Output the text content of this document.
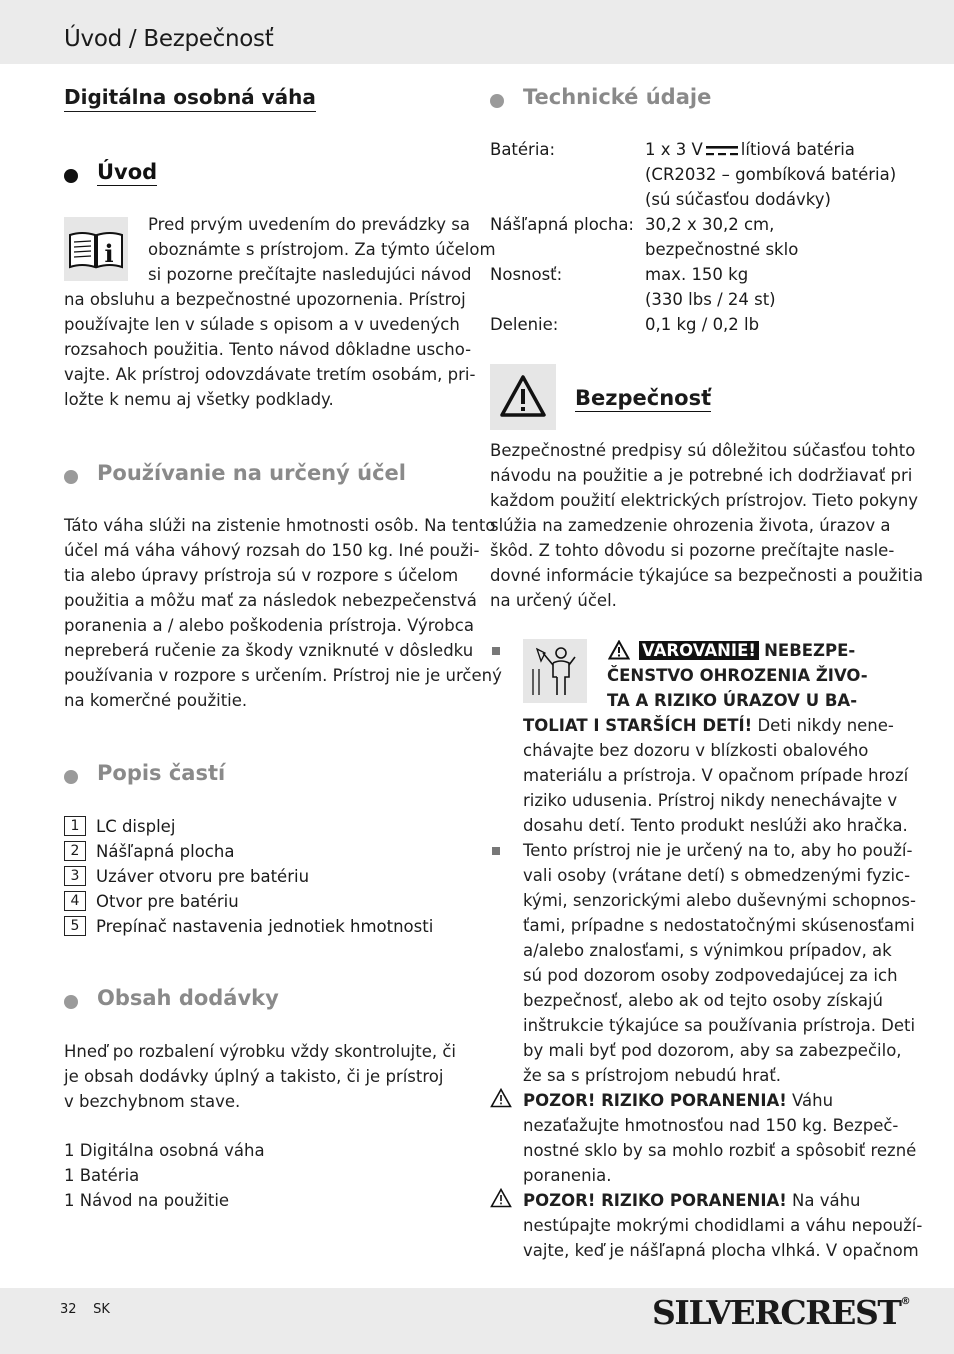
Úvod / Bezpečnosť
Digitálna osobná váha
Úvod
i

Pred prvým uvedením do prevádzky sa

oboznámte s prístrojom. Za týmto účelom

si pozorne prečítajte nasledujúci návod

na obsluhu a bezpečnostné upozornenia. Prístroj

používajte len v súlade s opisom a v uvedených

rozsahoch použitia. Tento návod dôkladne uscho-

vajte. Ak prístroj odovzdávate tretím osobám, pri-

ložte k nemu aj všetky podklady.

Používanie na určený účel

Táto váha slúži na zistenie hmotnosti osôb. Na tento

účel má váha váhový rozsah do 150 kg. Iné použi-

tia alebo úpravy prístroja sú v rozpore s účelom

použitia a môžu mať za následok nebezpečenstvá

poranenia a / alebo poškodenia prístroja. Výrobca

nepreberá ručenie za škody vzniknuté v dôsledku

používania v rozpore s určením. Prístroj nie je určený

na komerčné použitie.

Popis častí
1	LC displej
2	Nášľapná plocha
3	Uzáver otvoru pre batériu
4	Otvor pre batériu
5	Prepínač nastavenia jednotiek hmotnosti
Obsah dodávky

Hneď po rozbalení výrobku vždy skontrolujte, či

je obsah dodávky úplný a takisto, či je prístroj

v bezchybnom stave.

1 Digitálna osobná váha

1 Batéria

1 Návod na použitie

Technické údaje
Batéria:	1 x 3 V lítiová batéria
(CR2032 – gombíková batéria)
(sú súčasťou dodávky)
Nášľapná plocha: 30,2 x 30,2 cm,
bezpečnostné sklo
Nosnosť:	max. 150 kg
(330 lbs / 24 st)
Delenie:	0,1 kg / 0,2 lb
Bezpečnosť

Bezpečnostné predpisy sú dôležitou súčasťou tohto

návodu na použitie a je potrebné ich dodržiavať pri

každom použití elektrických prístrojov. Tieto pokyny

slúžia na zamedzenie ohrozenia života, úrazov a

škôd. Z tohto dôvodu si pozorne prečítajte nasle-

dovné informácie týkajúce sa bezpečnosti a použitia

na určený účel.

VAROVANIE! NEBEZPE-

ČENSTVO OHROZENIA ŽIVO-

TA A RIZIKO ÚRAZOV U BA-

TOLIAT I STARŠÍCH DETÍ! Deti nikdy nene-

chávajte bez dozoru v blízkosti obalového

materiálu a prístroja. V opačnom prípade hrozí

riziko udusenia. Prístroj nikdy nenechávajte v

dosahu detí. Tento produkt neslúži ako hračka.

Tento prístroj nie je určený na to, aby ho použí-

vali osoby (vrátane detí) s obmedzenými fyzic-

kými, senzorickými alebo duševnými schopnos-

ťami, prípadne s nedostatočnými skúsenosťami

a/alebo znalosťami, s výnimkou prípadov, ak

sú pod dozorom osoby zodpovedajúcej za ich

bezpečnosť, alebo ak od tejto osoby získajú

inštrukcie týkajúce sa používania prístroja. Deti

by mali byť pod dozorom, aby sa zabezpečilo,

že sa s prístrojom nebudú hrať.

POZOR! RIZIKO PORANENIA! Váhu

nezaťažujte hmotnosťou nad 150 kg. Bezpeč-

nostné sklo by sa mohlo rozbiť a spôsobiť rezné

poranenia.

POZOR! RIZIKO PORANENIA! Na váhu

nestúpajte mokrými chodidlami a váhu nepouží-

vajte, keď je nášľapná plocha vlhká. V opačnom

32 SK	SILVERCREST®
